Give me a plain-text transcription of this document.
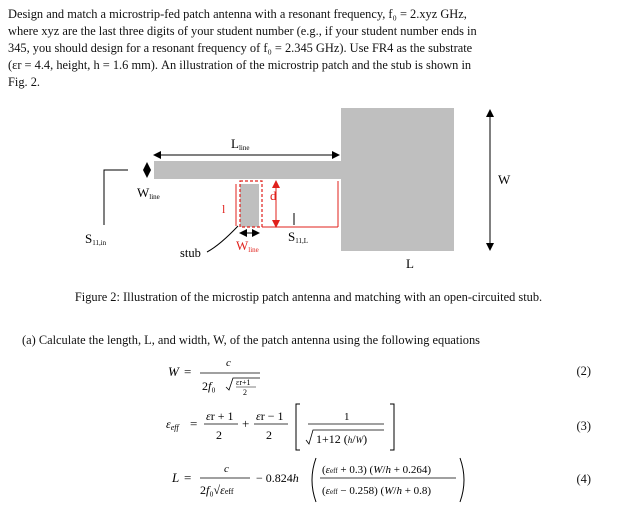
Design and match a microstrip-fed patch antenna with a resonant frequency, f₀ = 2.xyz GHz,
where xyz are the last three digits of your student number (e.g., if your student number ends in
345, you should design for a resonant frequency of f₀ = 2.345 GHz). Use FR4 as the substrate
(εr = 4.4, height, h = 1.6 mm). An illustration of the microstrip patch and the stub is shown in
Fig. 2.
Lline
W
Wline
S11,in
l
d
Wline
stub
S11,L
L
Figure 2: Illustration of the microstip patch antenna and matching with an open-circuited stub.
(a) Calculate the length, L, and width, W, of the patch antenna using the following equations
W =
c
2f₀	εr+1
2
(2)
εeff = εr + 1
2
+ εr − 1
2
1
1+12 (h/W)
(3)
L =
c
2f₀√εeff
− 0.824h
(εeff + 0.3) (W/h + 0.264)
(εeff − 0.258) (W/h + 0.8)
(4)
